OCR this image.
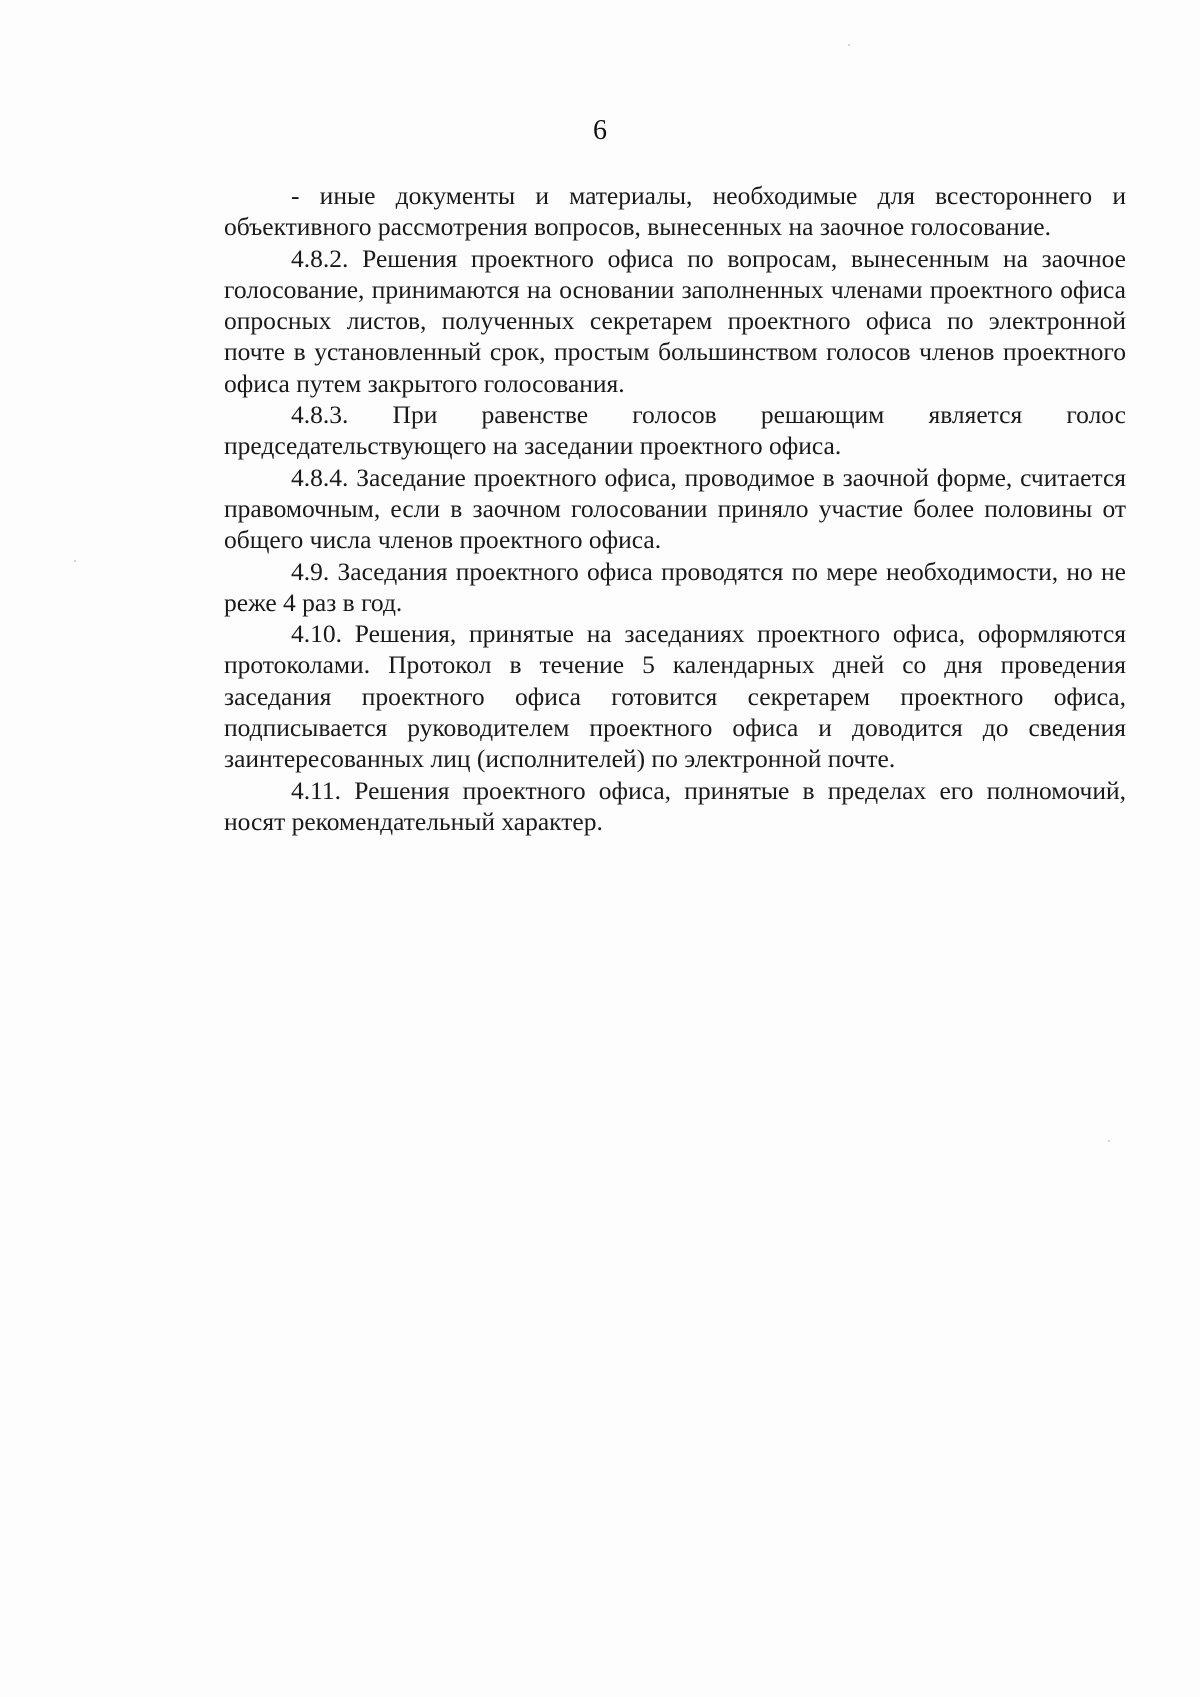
6

- иные документы и материалы, необходимые для всестороннего и объективного рассмотрения вопросов, вынесенных на заочное голосование.

4.8.2. Решения проектного офиса по вопросам, вынесенным на заочное голосование, принимаются на основании заполненных членами проектного офиса опросных листов, полученных секретарем проектного офиса по электронной почте в установленный срок, простым большинством голосов членов проектного офиса путем закрытого голосования.

4.8.3. При равенстве голосов решающим является голос председательствующего на заседании проектного офиса.

4.8.4. Заседание проектного офиса, проводимое в заочной форме, считается правомочным, если в заочном голосовании приняло участие более половины от общего числа членов проектного офиса.

4.9. Заседания проектного офиса проводятся по мере необходимости, но не реже 4 раз в год.

4.10. Решения, принятые на заседаниях проектного офиса, оформляются протоколами. Протокол в течение 5 календарных дней со дня проведения заседания проектного офиса готовится секретарем проектного офиса, подписывается руководителем проектного офиса и доводится до сведения заинтересованных лиц (исполнителей) по электронной почте.

4.11. Решения проектного офиса, принятые в пределах его полномочий, носят рекомендательный характер.
